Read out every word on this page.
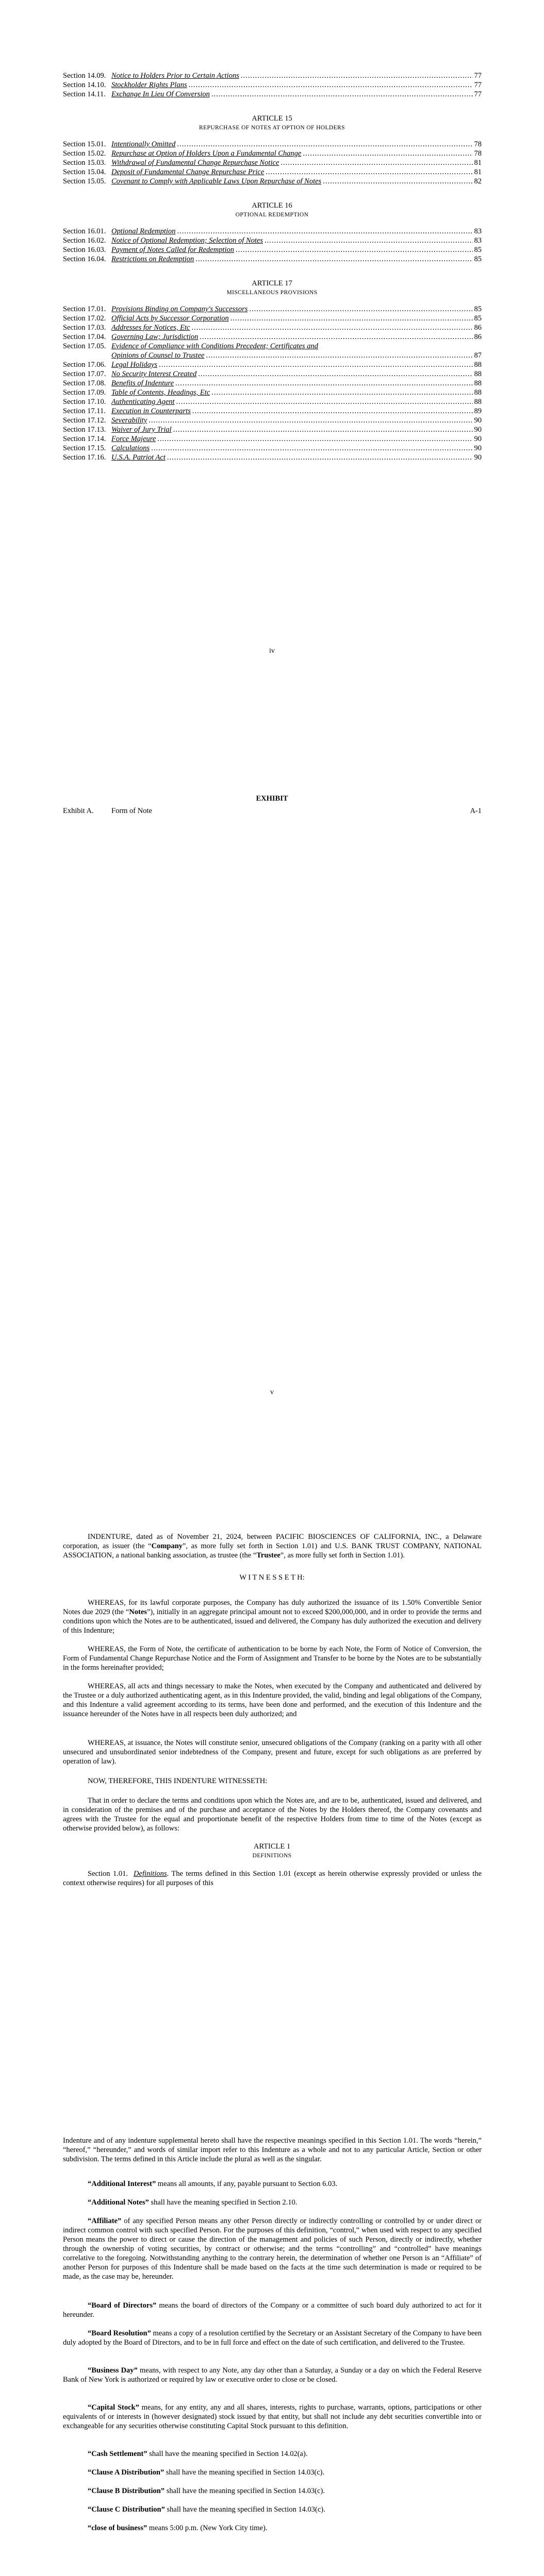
Section 14.09. Notice to Holders Prior to Certain Actions .....	77
Section 14.10. Stockholder Rights Plans .....	77
Section 14.11. Exchange In Lieu Of Conversion .....	77
ARTICLE 15
REPURCHASE OF NOTES AT OPTION OF HOLDERS
Section 15.01. Intentionally Omitted .....	78
Section 15.02. Repurchase at Option of Holders Upon a Fundamental Change .....	78
Section 15.03. Withdrawal of Fundamental Change Repurchase Notice .....	81
Section 15.04. Deposit of Fundamental Change Repurchase Price .....	81
Section 15.05. Covenant to Comply with Applicable Laws Upon Repurchase of Notes .....	82
ARTICLE 16
OPTIONAL REDEMPTION
Section 16.01. Optional Redemption .....	83
Section 16.02. Notice of Optional Redemption; Selection of Notes .....	83
Section 16.03. Payment of Notes Called for Redemption .....	85
Section 16.04. Restrictions on Redemption .....	85
ARTICLE 17
MISCELLANEOUS PROVISIONS
Section 17.01. Provisions Binding on Company's Successors .....	85
Section 17.02. Official Acts by Successor Corporation .....	85
Section 17.03. Addresses for Notices, Etc .....	86
Section 17.04. Governing Law; Jurisdiction .....	86
Section 17.05. Evidence of Compliance with Conditions Precedent; Certificates and
Opinions of Counsel to Trustee .....	87
Section 17.06. Legal Holidays .....	88
Section 17.07. No Security Interest Created .....	88
Section 17.08. Benefits of Indenture .....	88
Section 17.09. Table of Contents, Headings, Etc .....	88
Section 17.10. Authenticating Agent .....	88
Section 17.11. Execution in Counterparts .....	89
Section 17.12. Severability .....	90
Section 17.13. Waiver of Jury Trial .....	90
Section 17.14. Force Majeure .....	90
Section 17.15. Calculations .....	90
Section 17.16. U.S.A. Patriot Act .....	90
iv
EXHIBIT
Exhibit A.	Form of Note	A-1
v
INDENTURE, dated as of November 21, 2024, between PACIFIC BIOSCIENCES OF CALIFORNIA, INC., a Delaware corporation, as issuer (the “Company”, as more fully set forth in Section 1.01) and U.S. BANK TRUST COMPANY, NATIONAL ASSOCIATION, a national banking association, as trustee (the “Trustee”, as more fully set forth in Section 1.01).
W I T N E S S E T H:
WHEREAS, for its lawful corporate purposes, the Company has duly authorized the issuance of its 1.50% Convertible Senior Notes due 2029 (the “Notes”), initially in an aggregate principal amount not to exceed $200,000,000, and in order to provide the terms and conditions upon which the Notes are to be authenticated, issued and delivered, the Company has duly authorized the execution and delivery of this Indenture;
WHEREAS, the Form of Note, the certificate of authentication to be borne by each Note, the Form of Notice of Conversion, the Form of Fundamental Change Repurchase Notice and the Form of Assignment and Transfer to be borne by the Notes are to be substantially in the forms hereinafter provided;
WHEREAS, all acts and things necessary to make the Notes, when executed by the Company and authenticated and delivered by the Trustee or a duly authorized authenticating agent, as in this Indenture provided, the valid, binding and legal obligations of the Company, and this Indenture a valid agreement according to its terms, have been done and performed, and the execution of this Indenture and the issuance hereunder of the Notes have in all respects been duly authorized; and
WHEREAS, at issuance, the Notes will constitute senior, unsecured obligations of the Company (ranking on a parity with all other unsecured and unsubordinated senior indebtedness of the Company, present and future, except for such obligations as are preferred by operation of law).
NOW, THEREFORE, THIS INDENTURE WITNESSETH:
That in order to declare the terms and conditions upon which the Notes are, and are to be, authenticated, issued and delivered, and in consideration of the premises and of the purchase and acceptance of the Notes by the Holders thereof, the Company covenants and agrees with the Trustee for the equal and proportionate benefit of the respective Holders from time to time of the Notes (except as otherwise provided below), as follows:
ARTICLE 1
DEFINITIONS
Section 1.01. Definitions. The terms defined in this Section 1.01 (except as herein otherwise expressly provided or unless the context otherwise requires) for all purposes of this
Indenture and of any indenture supplemental hereto shall have the respective meanings specified in this Section 1.01. The words “herein,” “hereof,” “hereunder,” and words of similar import refer to this Indenture as a whole and not to any particular Article, Section or other subdivision. The terms defined in this Article include the plural as well as the singular.
“Additional Interest” means all amounts, if any, payable pursuant to Section 6.03.
“Additional Notes” shall have the meaning specified in Section 2.10.
“Affiliate” of any specified Person means any other Person directly or indirectly controlling or controlled by or under direct or indirect common control with such specified Person. For the purposes of this definition, “control,” when used with respect to any specified Person means the power to direct or cause the direction of the management and policies of such Person, directly or indirectly, whether through the ownership of voting securities, by contract or otherwise; and the terms “controlling” and “controlled” have meanings correlative to the foregoing. Notwithstanding anything to the contrary herein, the determination of whether one Person is an “Affiliate” of another Person for purposes of this Indenture shall be made based on the facts at the time such determination is made or required to be made, as the case may be, hereunder.
“Board of Directors” means the board of directors of the Company or a committee of such board duly authorized to act for it hereunder.
“Board Resolution” means a copy of a resolution certified by the Secretary or an Assistant Secretary of the Company to have been duly adopted by the Board of Directors, and to be in full force and effect on the date of such certification, and delivered to the Trustee.
“Business Day” means, with respect to any Note, any day other than a Saturday, a Sunday or a day on which the Federal Reserve Bank of New York is authorized or required by law or executive order to close or be closed.
“Capital Stock” means, for any entity, any and all shares, interests, rights to purchase, warrants, options, participations or other equivalents of or interests in (however designated) stock issued by that entity, but shall not include any debt securities convertible into or exchangeable for any securities otherwise constituting Capital Stock pursuant to this definition.
“Cash Settlement” shall have the meaning specified in Section 14.02(a).
“Clause A Distribution” shall have the meaning specified in Section 14.03(c).
“Clause B Distribution” shall have the meaning specified in Section 14.03(c).
“Clause C Distribution” shall have the meaning specified in Section 14.03(c).
“close of business” means 5:00 p.m. (New York City time).
